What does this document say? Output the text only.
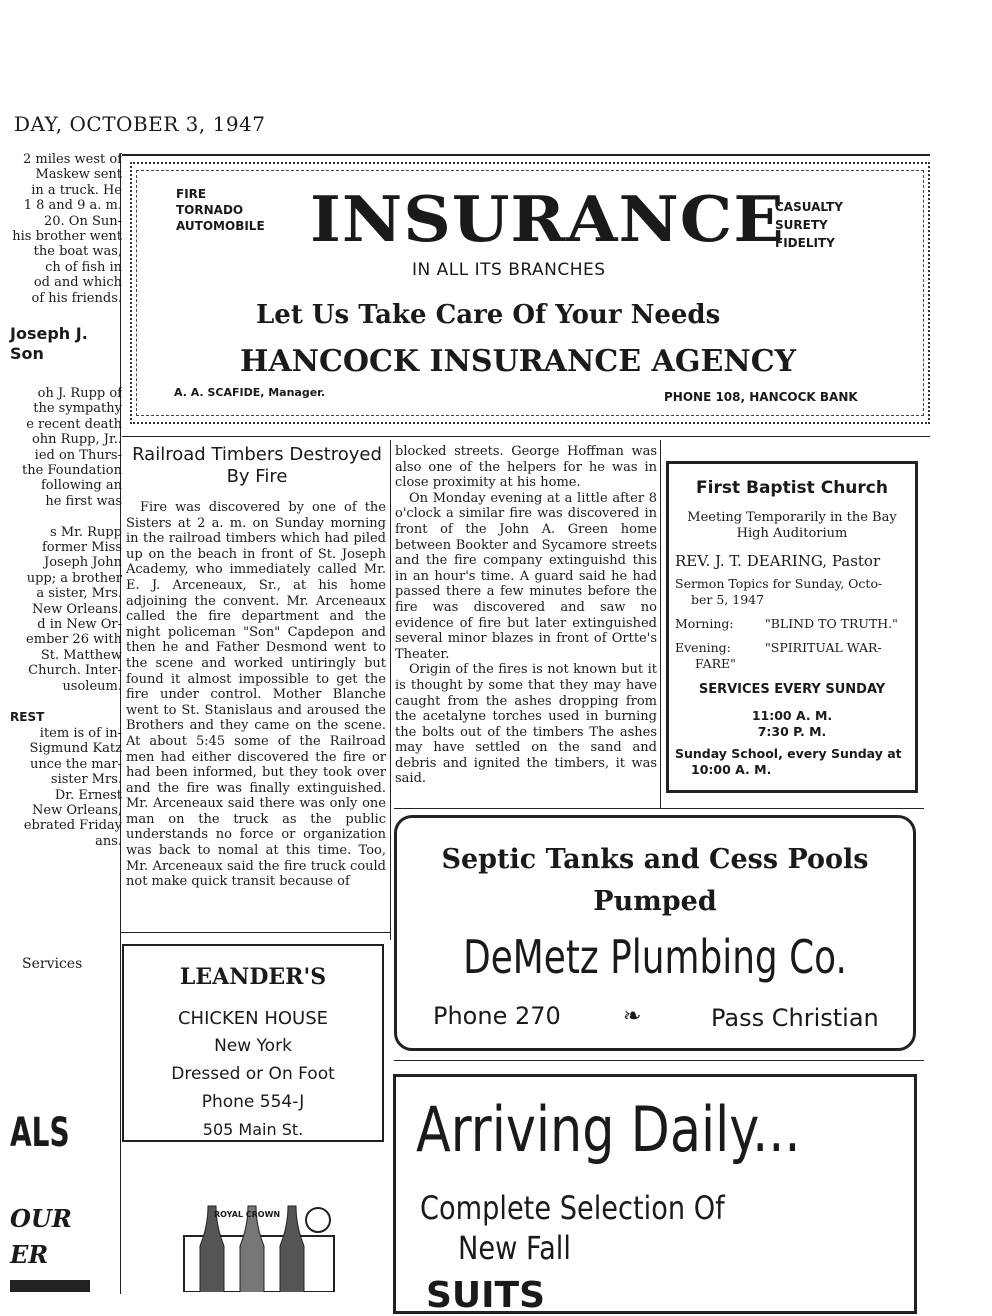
DAY, OCTOBER 3, 1947
2 miles west of
Maskew sent
in a truck. He
1 8 and 9 a. m.
20. On Sun-
his brother went
the boat was,
ch of fish in
od and which
of his friends.
Joseph J.
Son
oh J. Rupp of
the sympathy
e recent death
ohn Rupp, Jr..
ied on Thurs-
the Foundation
following an
he first was
s Mr. Rupp
former Miss
Joseph John
upp; a brother
a sister, Mrs.
New Orleans.
d in New Or-
ember 26 with
St. Matthew
Church. Inter-
usoleum.
REST
item is of in-
Sigmund Katz
unce the mar-
sister Mrs.
Dr. Ernest
New Orleans,
ebrated Friday
ans.
Services
ALS
OUR
ER
FIRE
TORNADO
AUTOMOBILE INSURANCE
CASUALTY
SURETY
FIDELITY
IN ALL ITS BRANCHES
Let Us Take Care Of Your Needs
HANCOCK INSURANCE AGENCY
A. A. SCAFIDE, Manager.	PHONE 108, HANCOCK BANK
Railroad Timbers Destroyed
By Fire

Fire was discovered by one of the Sisters at 2 a. m. on Sunday morning in the railroad timbers which had piled up on the beach in front of St. Joseph Academy, who immediately called Mr. E. J. Arceneaux, Sr., at his home adjoining the convent. Mr. Arceneaux called the fire department and the night policeman "Son" Capdepon and then he and Father Desmond went to the scene and worked untiringly but found it almost impossible to get the fire under control. Mother Blanche went to St. Stanislaus and aroused the Brothers and they came on the scene. At about 5:45 some of the Railroad men had either discovered the fire or had been informed, but they took over and the fire was finally extinguished. Mr. Arceneaux said there was only one man on the truck as the public understands no force or organization was back to nomal at this time. Too, Mr. Arceneaux said the fire truck could not make quick transit because of

blocked streets. George Hoffman was also one of the helpers for he was in close proximity at his home.

On Monday evening at a little after 8 o'clock a similar fire was discovered in front of the John A. Green home between Bookter and Sycamore streets and the fire company extinguishd this in an hour's time. A guard said he had passed there a few minutes before the fire was discovered and saw no evidence of fire but later extinguished several minor blazes in front of Ortte's Theater.

Origin of the fires is not known but it is thought by some that they may have caught from the ashes dropping from the acetalyne torches used in burning the bolts out of the timbers The ashes may have settled on the sand and debris and ignited the timbers, it was said.

First Baptist Church
Meeting Temporarily in the Bay
High Auditorium
REV. J. T. DEARING, Pastor
Sermon Topics for Sunday, Octo-
ber 5, 1947
Morning:	"BLIND TO TRUTH."
Evening:	"SPIRITUAL WAR-
FARE"
SERVICES EVERY SUNDAY
11:00 A. M.
7:30 P. M.
Sunday School, every Sunday at
10:00 A. M.
Septic Tanks and Cess Pools
Pumped
DeMetz Plumbing Co.
Phone 270	❧	Pass Christian
LEANDER'S
CHICKEN HOUSE
New York
Dressed or On Foot
Phone 554-J
505 Main St.
ROYAL CROWN
Arriving Daily...
Complete Selection Of
New Fall
SUITS
